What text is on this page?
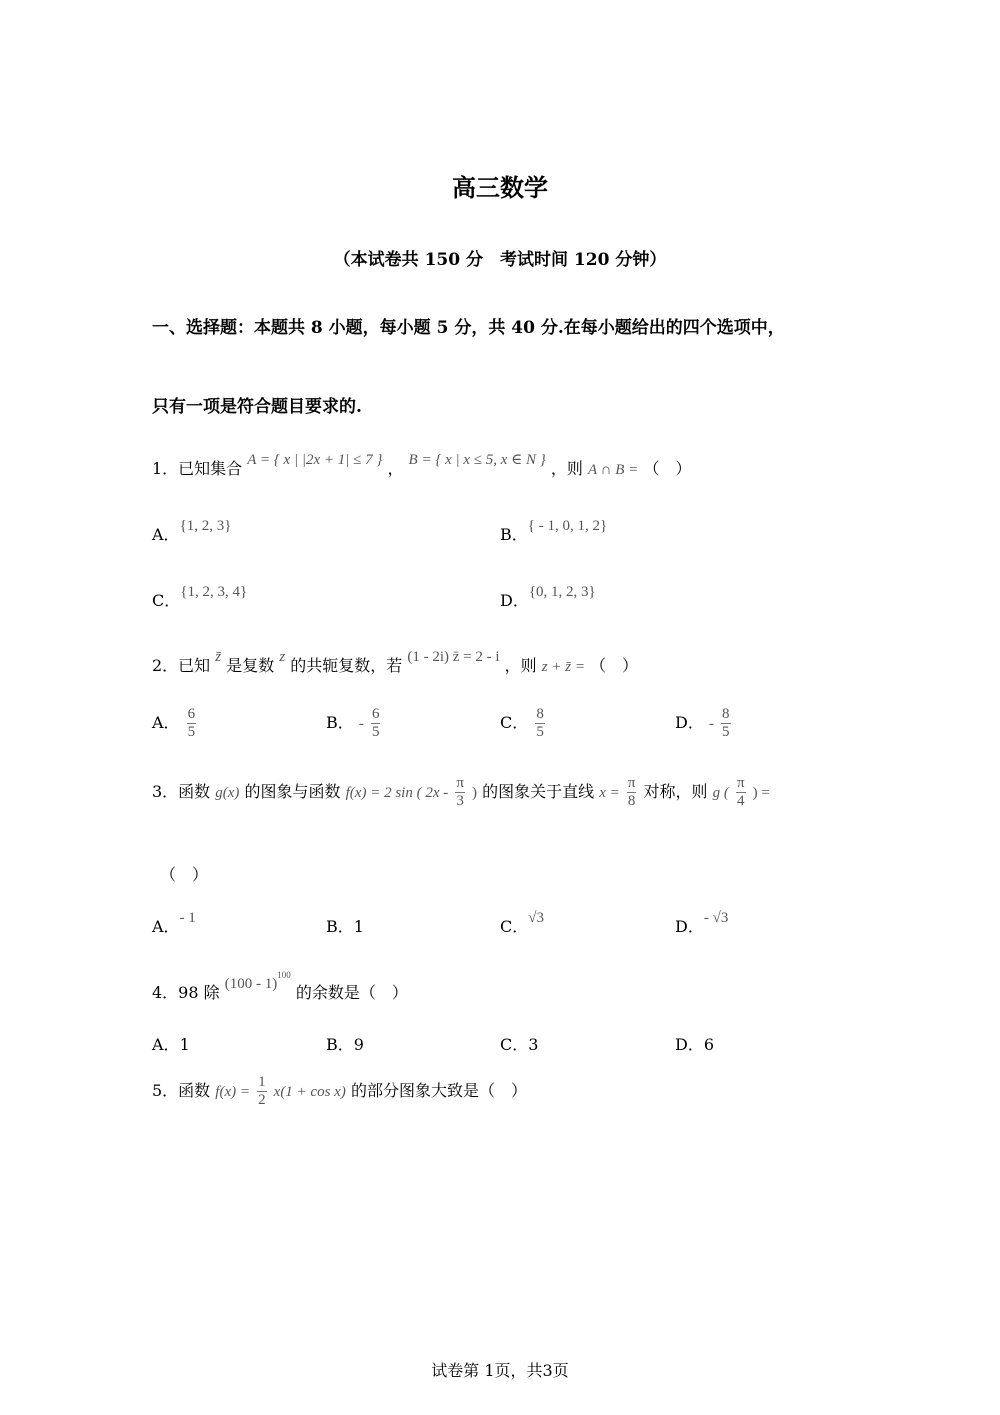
高三数学
（本试卷共 150 分　考试时间 120 分钟）
一、选择题：本题共 8 小题，每小题 5 分，共 40 分.在每小题给出的四个选项中，
只有一项是符合题目要求的.
1．已知集合 A = { x | |2x + 1| ≤ 7 } ， B = { x | x ≤ 5, x ∈ N } ，则 A ∩ B = （　）
A．{1, 2, 3}	B．{ - 1, 0, 1, 2}
C．{1, 2, 3, 4}	D．{0, 1, 2, 3}
2．已知 z̄ 是复数 z 的共轭复数，若 (1 - 2i) z̄ = 2 - i ，则 z + z̄ = （　）
A． $\frac{6}{5}$	B． - $\frac{6}{5}$	C． $\frac{8}{5}$	D． - $\frac{8}{5}$
3．函数 g(x) 的图象与函数 f(x) = 2 sin ( $2x - \frac{\pi}{3}$ ) 的图象关于直线 $x = \frac{\pi}{8}$ 对称，则 g ( $\frac{\pi}{4}$ ) =
（　）
A．- 1	B．1	C．√3	D．- √3
4．98 除 (100 - 1)$^{100}$ 的余数是（　）
A．1	B．9	C．3	D．6
5．函数 $f(x) = \frac{1}{2} x(1 + \cos x)$ 的部分图象大致是（　）
试卷第 1页，共3页
